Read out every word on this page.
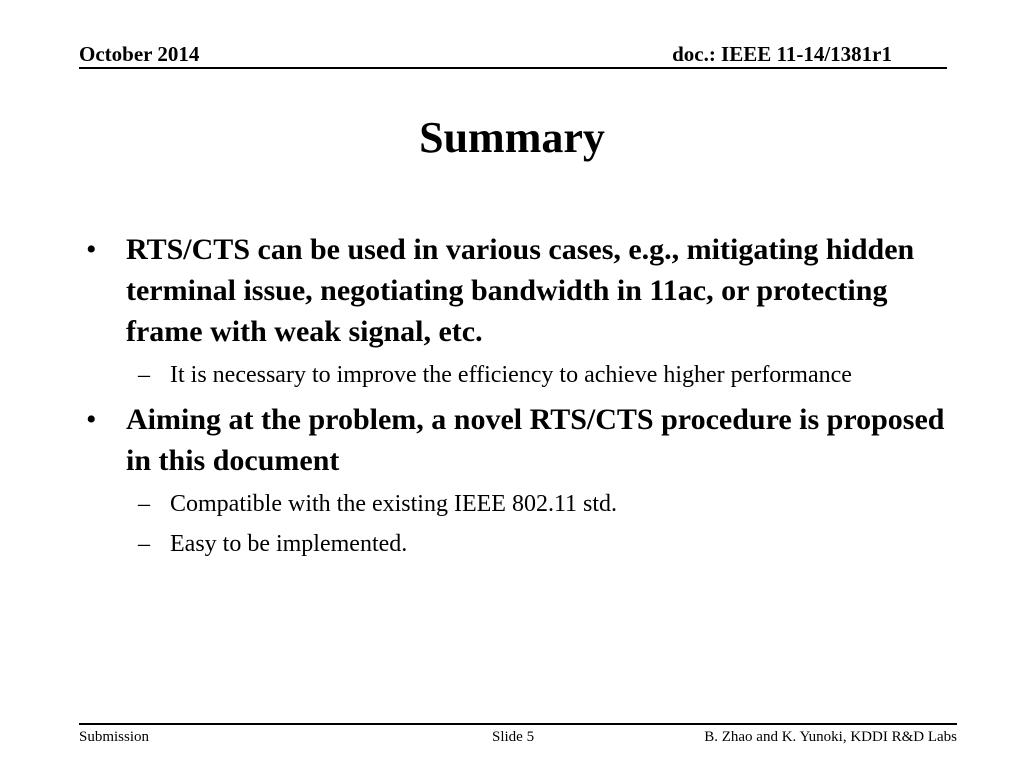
October 2014	doc.: IEEE 11-14/1381r1
Summary
• RTS/CTS can be used in various cases, e.g., mitigating hidden terminal issue, negotiating bandwidth in 11ac, or protecting frame with weak signal, etc.
– It is necessary to improve the efficiency to achieve higher performance
• Aiming at the problem, a novel RTS/CTS procedure is proposed in this document
– Compatible with the existing IEEE 802.11 std.
– Easy to be implemented.
Submission	Slide 5	B. Zhao and K. Yunoki, KDDI R&D Labs
